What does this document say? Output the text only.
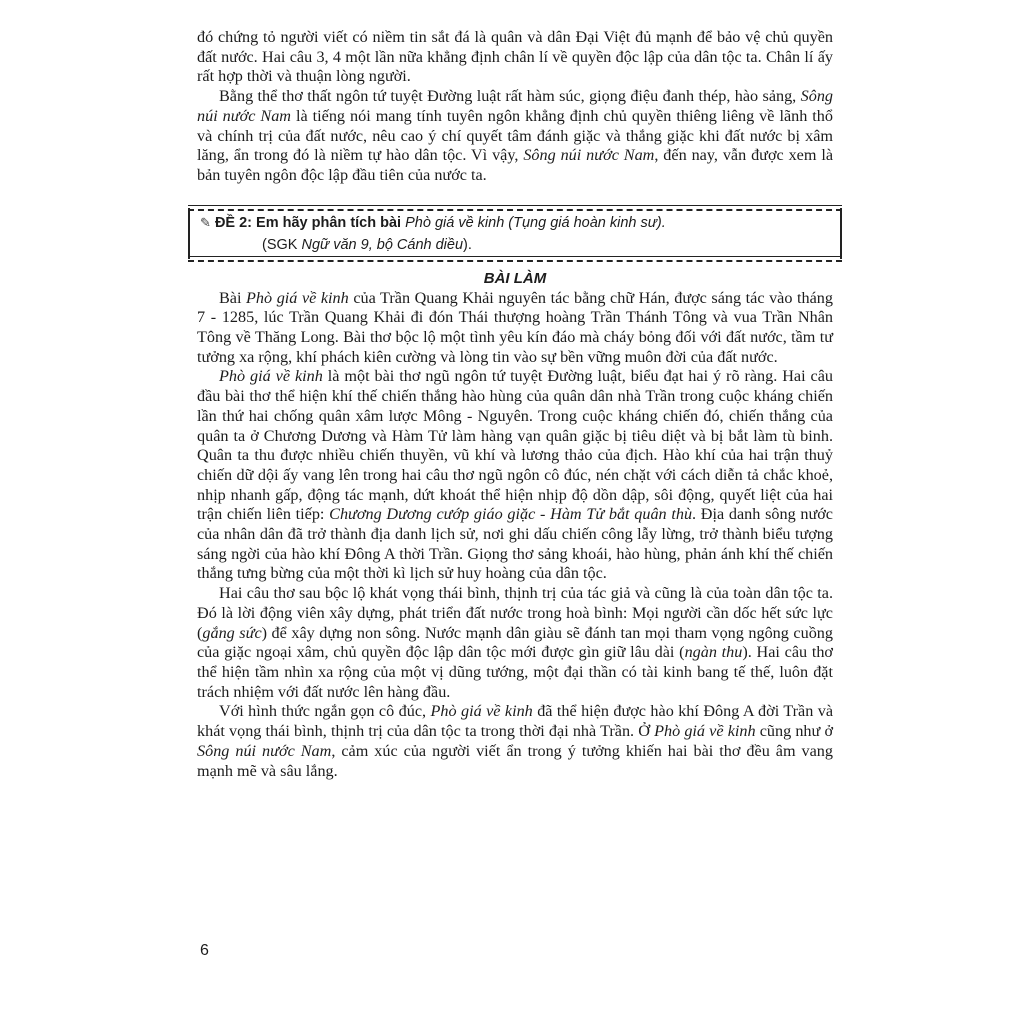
đó chứng tỏ người viết có niềm tin sắt đá là quân và dân Đại Việt đủ mạnh để bảo vệ chủ quyền đất nước. Hai câu 3, 4 một lần nữa khẳng định chân lí về quyền độc lập của dân tộc ta. Chân lí ấy rất hợp thời và thuận lòng người.

Bằng thể thơ thất ngôn tứ tuyệt Đường luật rất hàm súc, giọng điệu đanh thép, hào sảng, Sông núi nước Nam là tiếng nói mang tính tuyên ngôn khẳng định chủ quyền thiêng liêng về lãnh thổ và chính trị của đất nước, nêu cao ý chí quyết tâm đánh giặc và thắng giặc khi đất nước bị xâm lăng, ẩn trong đó là niềm tự hào dân tộc. Vì vậy, Sông núi nước Nam, đến nay, vẫn được xem là bản tuyên ngôn độc lập đầu tiên của nước ta.

✎ ĐỀ 2: Em hãy phân tích bài Phò giá về kinh (Tụng giá hoàn kinh sư).
(SGK Ngữ văn 9, bộ Cánh diều).
BÀI LÀM

Bài Phò giá về kinh của Trần Quang Khải nguyên tác bằng chữ Hán, được sáng tác vào tháng 7 - 1285, lúc Trần Quang Khải đi đón Thái thượng hoàng Trần Thánh Tông và vua Trần Nhân Tông về Thăng Long. Bài thơ bộc lộ một tình yêu kín đáo mà cháy bỏng đối với đất nước, tầm tư tưởng xa rộng, khí phách kiên cường và lòng tin vào sự bền vững muôn đời của đất nước.

Phò giá về kinh là một bài thơ ngũ ngôn tứ tuyệt Đường luật, biểu đạt hai ý rõ ràng. Hai câu đầu bài thơ thể hiện khí thế chiến thắng hào hùng của quân dân nhà Trần trong cuộc kháng chiến lần thứ hai chống quân xâm lược Mông - Nguyên. Trong cuộc kháng chiến đó, chiến thắng của quân ta ở Chương Dương và Hàm Tử làm hàng vạn quân giặc bị tiêu diệt và bị bắt làm tù binh. Quân ta thu được nhiều chiến thuyền, vũ khí và lương thảo của địch. Hào khí của hai trận thuỷ chiến dữ dội ấy vang lên trong hai câu thơ ngũ ngôn cô đúc, nén chặt với cách diễn tả chắc khoẻ, nhịp nhanh gấp, động tác mạnh, dứt khoát thể hiện nhịp độ dồn dập, sôi động, quyết liệt của hai trận chiến liên tiếp: Chương Dương cướp giáo giặc - Hàm Tử bắt quân thù. Địa danh sông nước của nhân dân đã trở thành địa danh lịch sử, nơi ghi dấu chiến công lẫy lừng, trở thành biểu tượng sáng ngời của hào khí Đông A thời Trần. Giọng thơ sảng khoái, hào hùng, phản ánh khí thế chiến thắng tưng bừng của một thời kì lịch sử huy hoàng của dân tộc.

Hai câu thơ sau bộc lộ khát vọng thái bình, thịnh trị của tác giả và cũng là của toàn dân tộc ta. Đó là lời động viên xây dựng, phát triển đất nước trong hoà bình: Mọi người cần dốc hết sức lực (gắng sức) để xây dựng non sông. Nước mạnh dân giàu sẽ đánh tan mọi tham vọng ngông cuồng của giặc ngoại xâm, chủ quyền độc lập dân tộc mới được gìn giữ lâu dài (ngàn thu). Hai câu thơ thể hiện tầm nhìn xa rộng của một vị dũng tướng, một đại thần có tài kinh bang tế thế, luôn đặt trách nhiệm với đất nước lên hàng đầu.

Với hình thức ngắn gọn cô đúc, Phò giá về kinh đã thể hiện được hào khí Đông A đời Trần và khát vọng thái bình, thịnh trị của dân tộc ta trong thời đại nhà Trần. Ở Phò giá về kinh cũng như ở Sông núi nước Nam, cảm xúc của người viết ẩn trong ý tưởng khiến hai bài thơ đều âm vang mạnh mẽ và sâu lắng.

6
